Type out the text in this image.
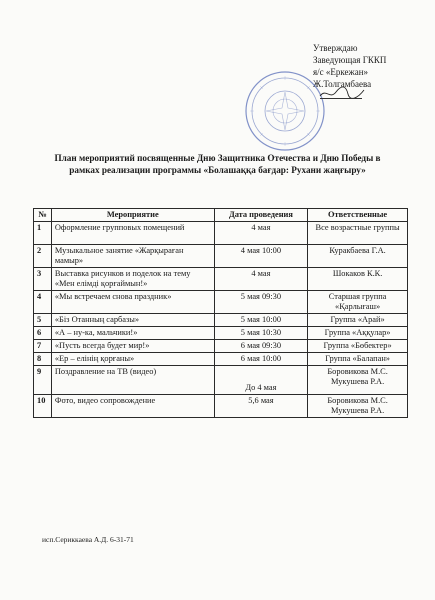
Утверждаю
Заведующая ГККП
я/с «Еркежан»
Ж.Толгамбаева
План мероприятий посвященные Дню Защитника Отечества и Дню Победы в
рамках реализации программы «Болашаққа бағдар: Рухани жаңғыру»
№	Мероприятие	Дата проведения	Ответственные
1	Оформление групповых помещений	4 мая	Все возрастные группы
2	Музыкальное занятие «Жарқыраған мамыр»	4 мая 10:00	Куракбаева Г.А.
3	Выставка рисунков и поделок на тему «Мен елімді қорғаймын!»	4 мая	Шокаков К.К.
4	«Мы встречаем снова праздник»	5 мая 09:30	Старшая группа «Қарлығаш»
5	«Біз Отанның сарбазы»	5 мая 10:00	Группа «Арай»
6	«А – ну-ка, мальчики!»	5 мая 10:30	Группа «Аққулар»
7	«Пусть всегда будет мир!»	6 мая 09:30	Группа «Бөбектер»
8	«Ер – елінің қорғаны»	6 мая 10:00	Группа «Балапан»
9	Поздравление на ТВ (видео)	До 4 мая	Боровикова М.С. Мукушева Р.А.
10	Фото, видео сопровождение	5,6 мая	Боровикова М.С. Мукушева Р.А.
исп.Сериккаева А.Д. 6-31-71
